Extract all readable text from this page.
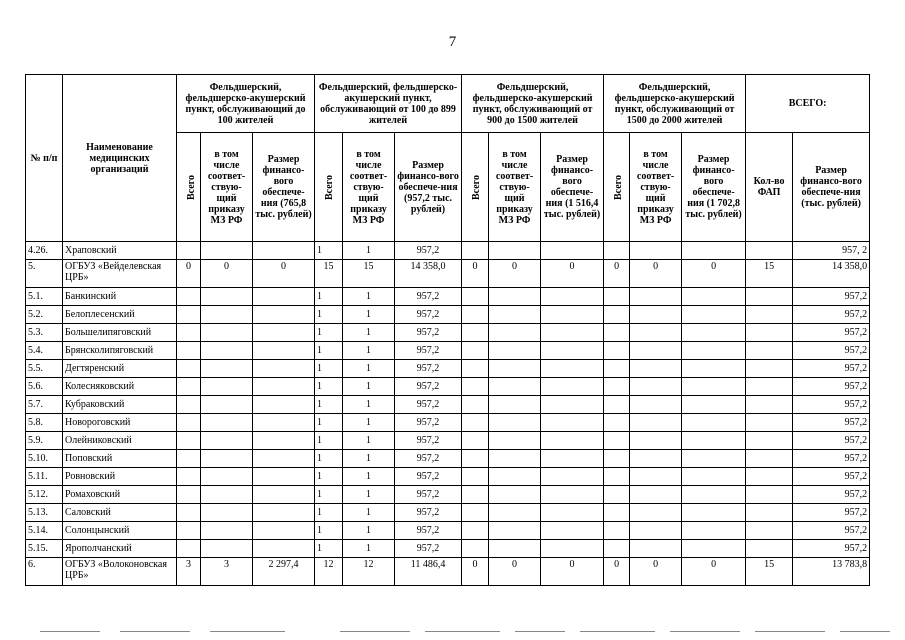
7
№ п/п	Наименование медицинских организаций	Фельдшерский, фельдшерско-акушерский пункт, обслуживающий до 100 жителей			Фельдшерский, фельдшерско-акушерский пункт, обслуживающий от 100 до 899 жителей			Фельдшерский, фельдшерско-акушерский пункт, обслуживающий от 900 до 1500 жителей			Фельдшерский, фельдшерско-акушерский пункт, обслуживающий от 1500 до 2000 жителей			ВСЕГО:	
		Всего	в том числе соответ-ствую-щий приказу МЗ РФ	Размер финансо-вого обеспече-ния (765,8 тыс. рублей)	Всего	в том числе соответ-ствую-щий приказу МЗ РФ	Размер финансо-вого обеспече-ния (957,2 тыс. рублей)	Всего	в том числе соответ-ствую-щий приказу МЗ РФ	Размер финансо-вого обеспече-ния (1 516,4 тыс. рублей)	Всего	в том числе соответ-ствую-щий приказу МЗ РФ	Размер финансо-вого обеспече-ния (1 702,8 тыс. рублей)	Кол-во ФАП	Размер финансо-вого обеспече-ния (тыс. рублей)
4.26.	Храповский				1	1	957,2								957, 2
5.	ОГБУЗ «Вейделевская ЦРБ»	0	0	0	15	15	14 358,0	0	0	0	0	0	0	15	14 358,0
5.1.	Банкинский				1	1	957,2								957,2
5.2.	Белоплесенский				1	1	957,2								957,2
5.3.	Большелипяговский				1	1	957,2								957,2
5.4.	Брянсколипяговский				1	1	957,2								957,2
5.5.	Дегтяренский				1	1	957,2								957,2
5.6.	Колесняковский				1	1	957,2								957,2
5.7.	Кубраковский				1	1	957,2								957,2
5.8.	Новороговский				1	1	957,2								957,2
5.9.	Олейниковский				1	1	957,2								957,2
5.10.	Поповский				1	1	957,2								957,2
5.11.	Ровновский				1	1	957,2								957,2
5.12.	Ромаховский				1	1	957,2								957,2
5.13.	Саловский				1	1	957,2								957,2
5.14.	Солонцынский				1	1	957,2								957,2
5.15.	Ярополчанский				1	1	957,2								957,2
6.	ОГБУЗ «Волоконовская ЦРБ»	3	3	2 297,4	12	12	11 486,4	0	0	0	0	0	0	15	13 783,8
